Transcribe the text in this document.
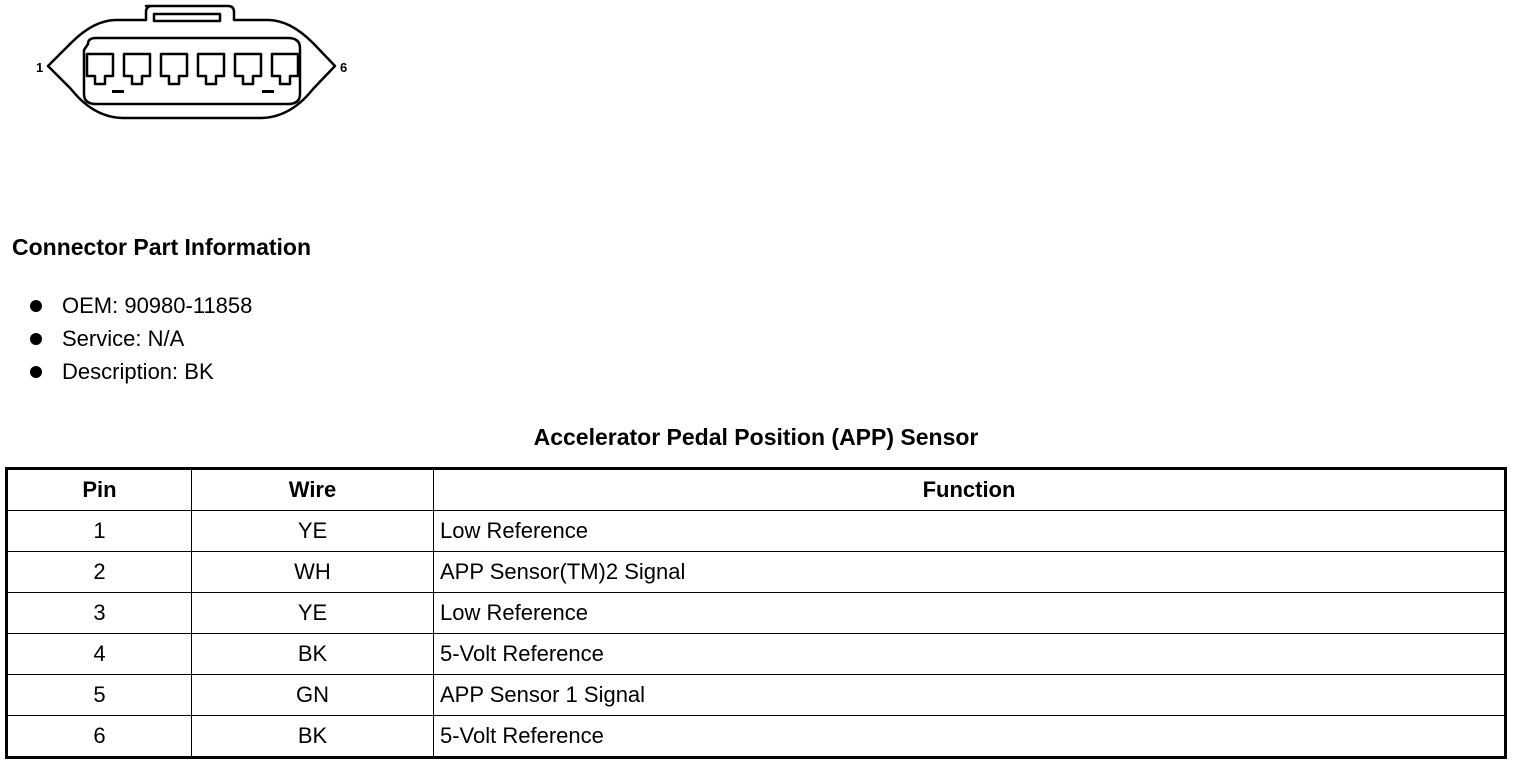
1	6
Connector Part Information
OEM: 90980-11858
Service: N/A
Description: BK
Accelerator Pedal Position (APP) Sensor
Pin	Wire	Function
1	YE	Low Reference
2	WH	APP Sensor(TM)2 Signal
3	YE	Low Reference
4	BK	5-Volt Reference
5	GN	APP Sensor 1 Signal
6	BK	5-Volt Reference
